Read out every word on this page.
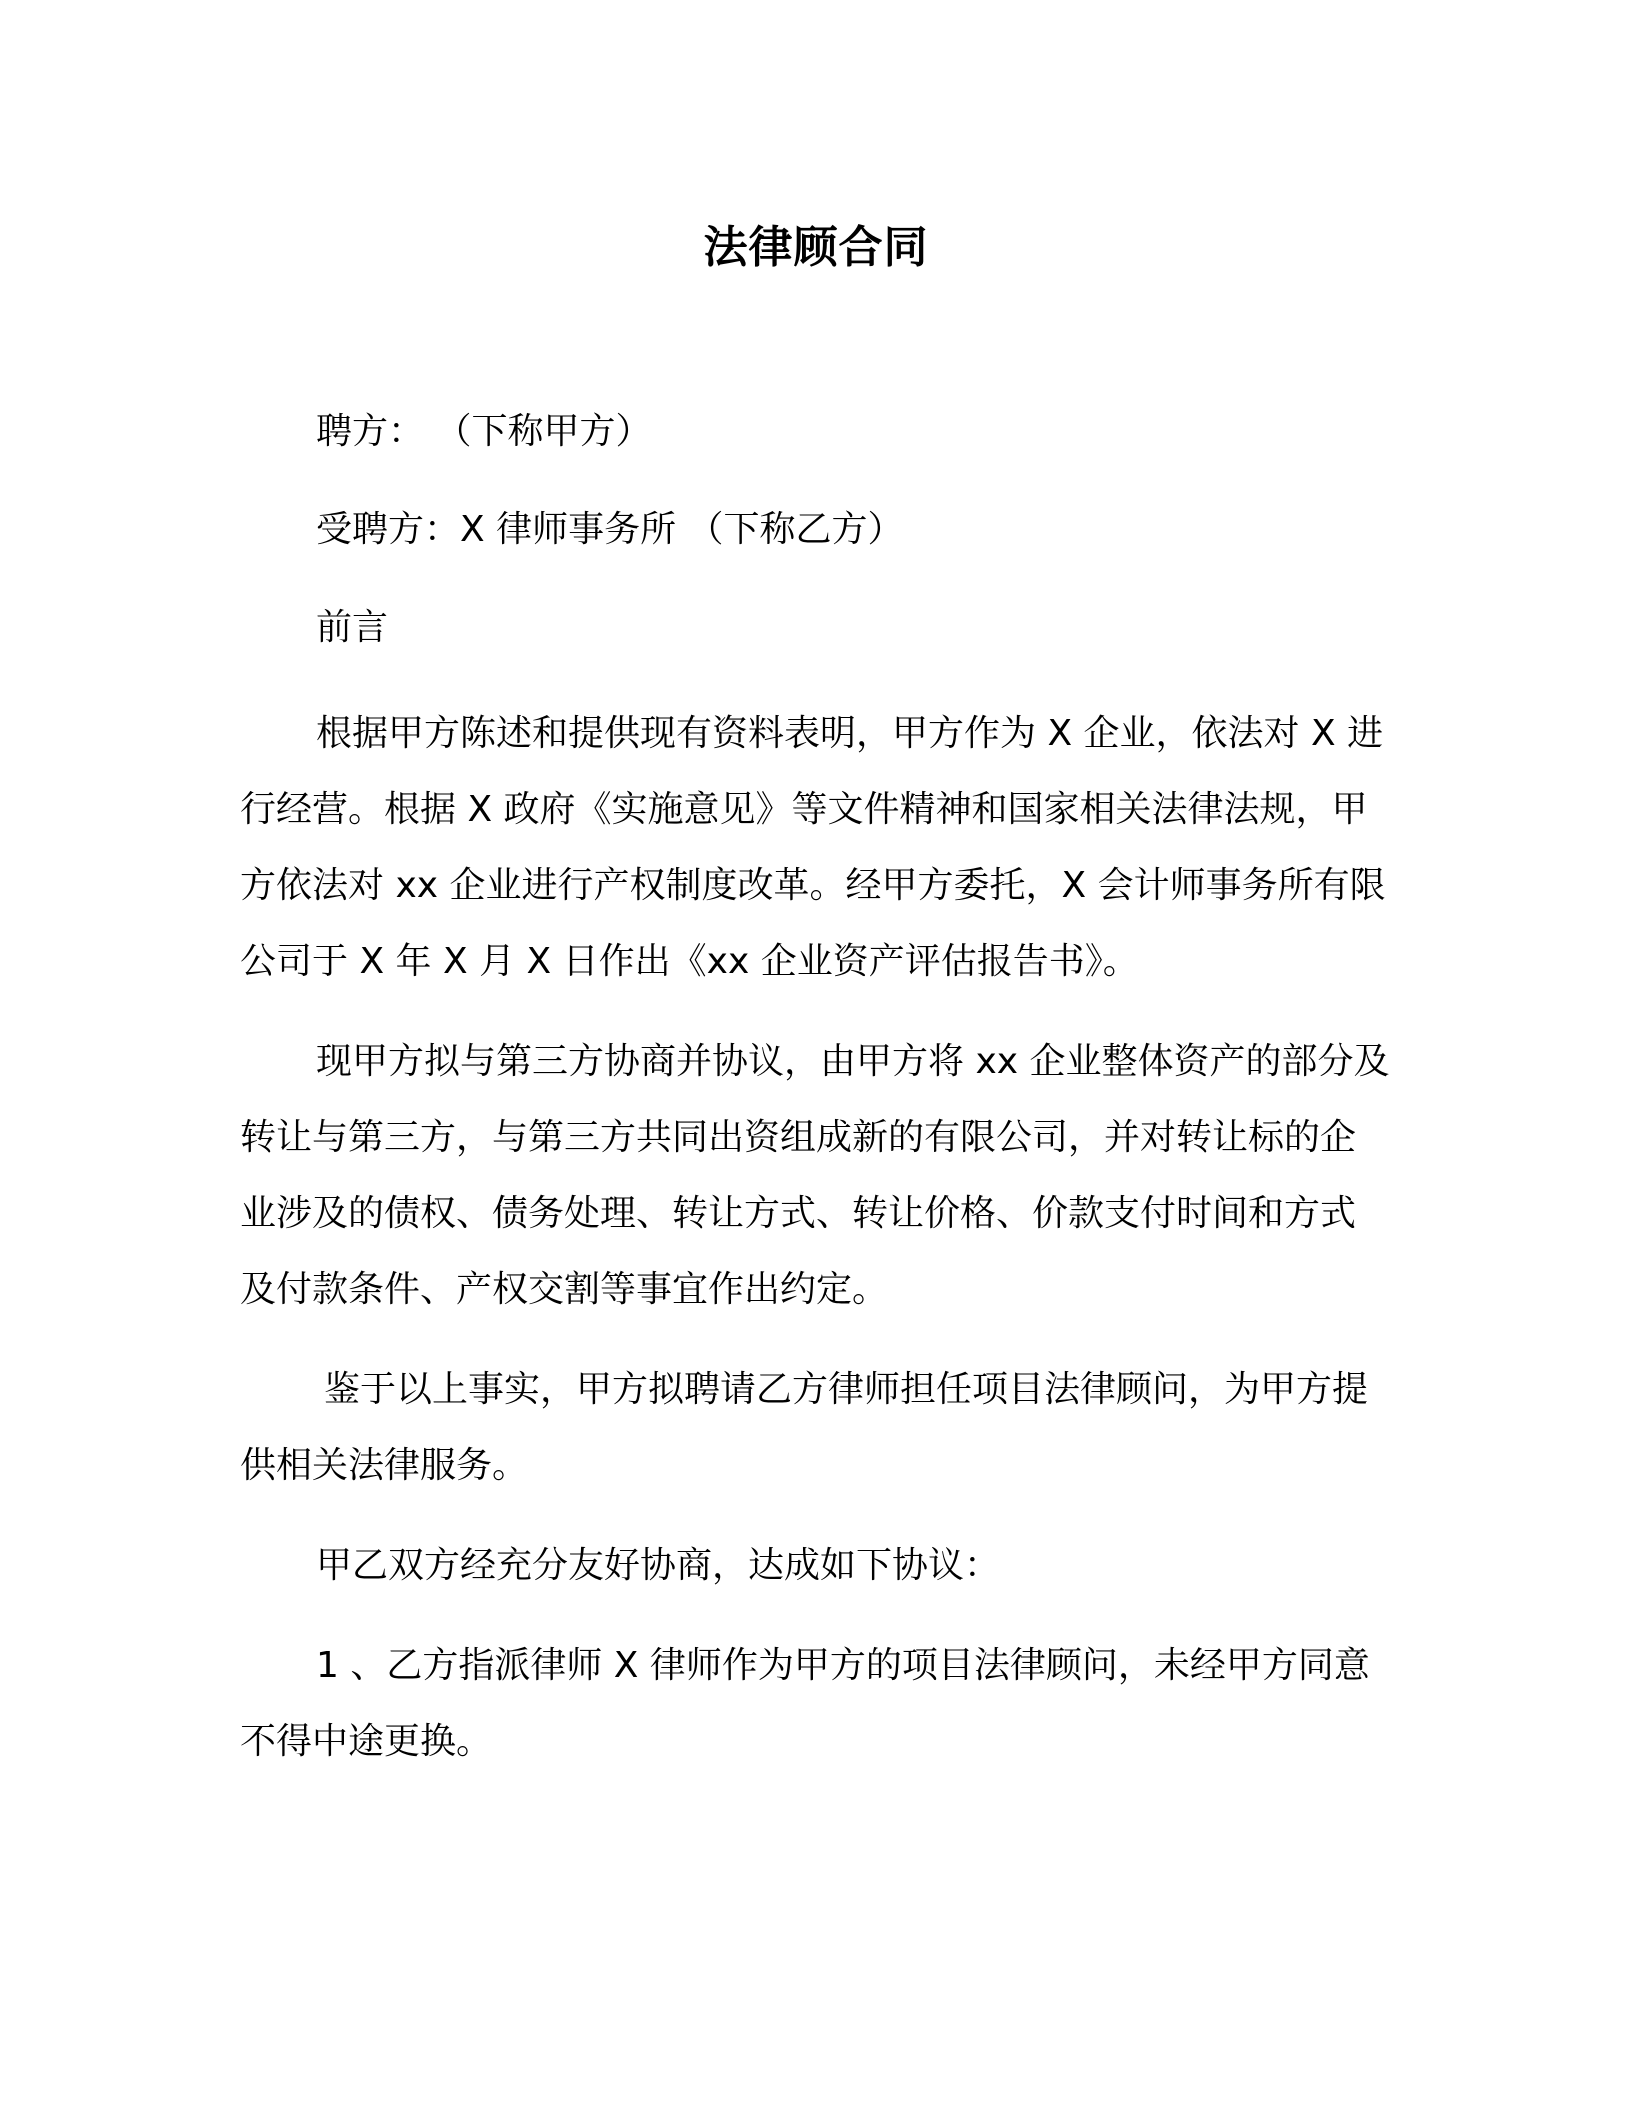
法律顾合同

聘方： （下称甲方）

受聘方：X 律师事务所 （下称乙方）

前言

根据甲方陈述和提供现有资料表明，甲方作为 X 企业，依法对 X 进行经营。根据 X 政府《实施意见》等文件精神和国家相关法律法规，甲方依法对 xx 企业进行产权制度改革。经甲方委托，X 会计师事务所有限公司于 X 年 X 月 X 日作出《xx 企业资产评估报告书》。

现甲方拟与第三方协商并协议，由甲方将 xx 企业整体资产的部分及转让与第三方，与第三方共同出资组成新的有限公司，并对转让标的企业涉及的债权、债务处理、转让方式、转让价格、价款支付时间和方式及付款条件、产权交割等事宜作出约定。

鉴于以上事实，甲方拟聘请乙方律师担任项目法律顾问，为甲方提供相关法律服务。

甲乙双方经充分友好协商，达成如下协议：

1 、乙方指派律师 X 律师作为甲方的项目法律顾问，未经甲方同意不得中途更换。
